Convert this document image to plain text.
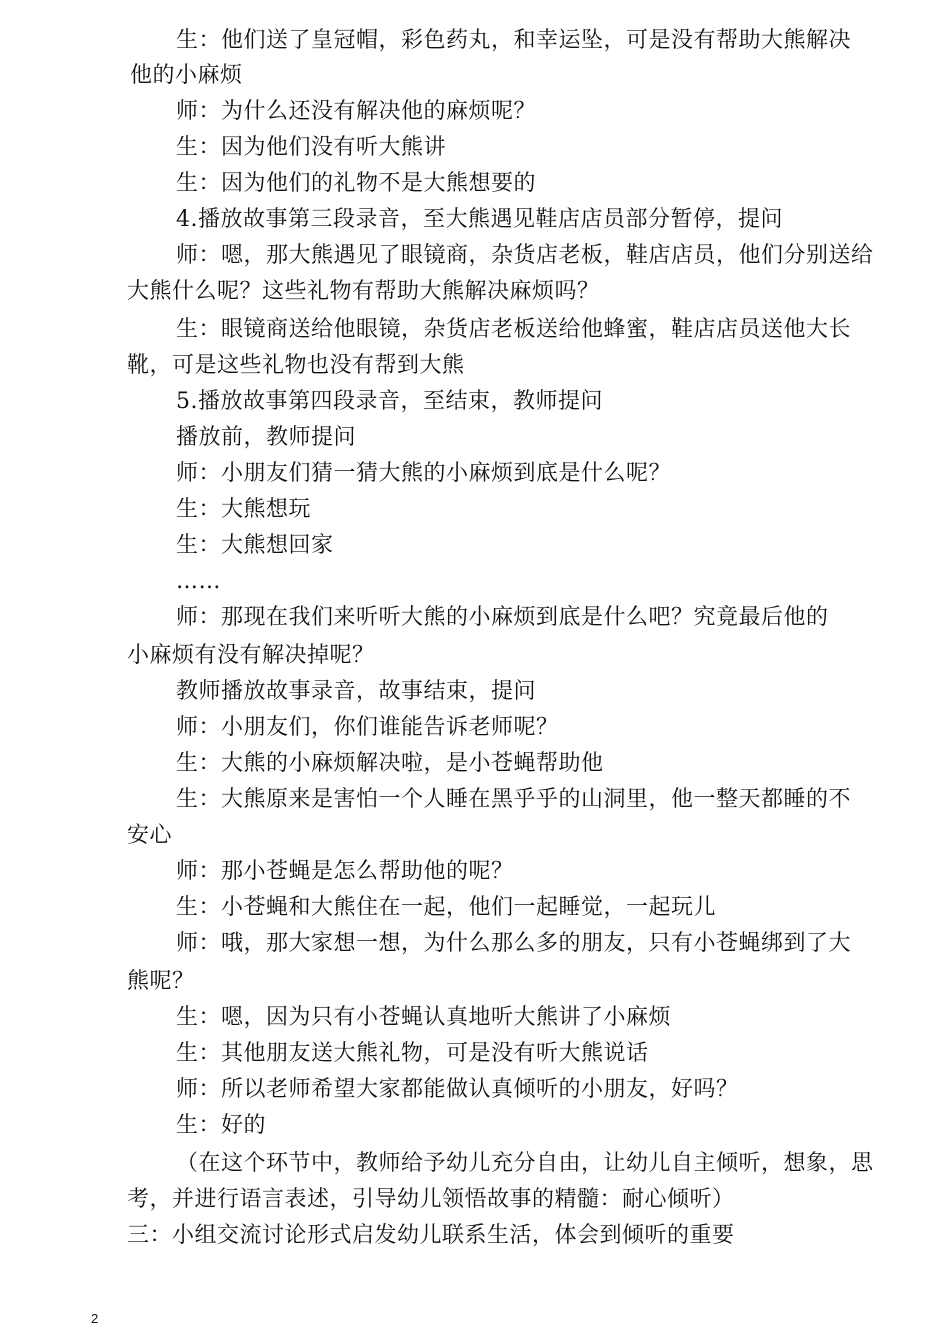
生：他们送了皇冠帽，彩色药丸，和幸运坠，可是没有帮助大熊解决
他的小麻烦
师：为什么还没有解决他的麻烦呢？
生：因为他们没有听大熊讲
生：因为他们的礼物不是大熊想要的
4.播放故事第三段录音，至大熊遇见鞋店店员部分暂停，提问
师：嗯，那大熊遇见了眼镜商，杂货店老板，鞋店店员，他们分别送给
大熊什么呢？这些礼物有帮助大熊解决麻烦吗？
生：眼镜商送给他眼镜，杂货店老板送给他蜂蜜，鞋店店员送他大长
靴，可是这些礼物也没有帮到大熊
5.播放故事第四段录音，至结束，教师提问
播放前，教师提问
师：小朋友们猜一猜大熊的小麻烦到底是什么呢？
生：大熊想玩
生：大熊想回家
……
师：那现在我们来听听大熊的小麻烦到底是什么吧？究竟最后他的
小麻烦有没有解决掉呢？
教师播放故事录音，故事结束，提问
师：小朋友们，你们谁能告诉老师呢？
生：大熊的小麻烦解决啦，是小苍蝇帮助他
生：大熊原来是害怕一个人睡在黑乎乎的山洞里，他一整天都睡的不
安心
师：那小苍蝇是怎么帮助他的呢？
生：小苍蝇和大熊住在一起，他们一起睡觉，一起玩儿
师：哦，那大家想一想，为什么那么多的朋友，只有小苍蝇绑到了大
熊呢？
生：嗯，因为只有小苍蝇认真地听大熊讲了小麻烦
生：其他朋友送大熊礼物，可是没有听大熊说话
师：所以老师希望大家都能做认真倾听的小朋友，好吗？
生：好的
（在这个环节中，教师给予幼儿充分自由，让幼儿自主倾听，想象，思
考，并进行语言表述，引导幼儿领悟故事的精髓：耐心倾听）
三：小组交流讨论形式启发幼儿联系生活，体会到倾听的重要
2
